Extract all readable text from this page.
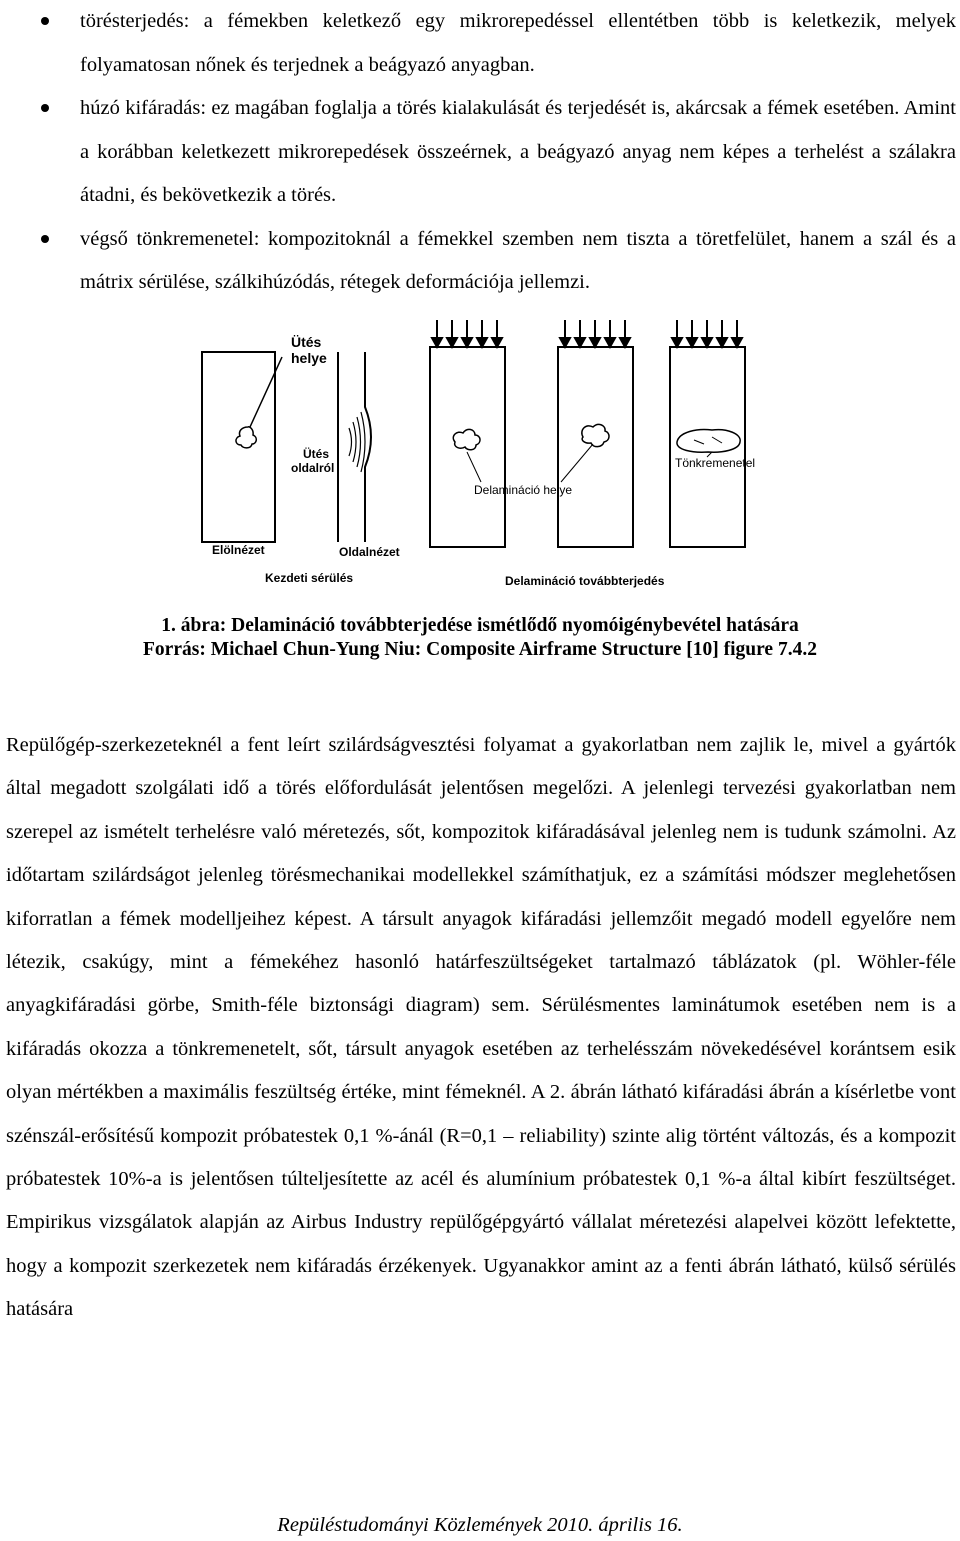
törésterjedés: a fémekben keletkező egy mikrorepedéssel ellentétben több is keletkezik, melyek folyamatosan nőnek és terjednek a beágyazó anyagban.
húzó kifáradás: ez magában foglalja a törés kialakulását és terjedését is, akárcsak a fémek esetében. Amint a korábban keletkezett mikrorepedések összeérnek, a beágyazó anyag nem képes a terhelést a szálakra átadni, és bekövetkezik a törés.
végső tönkremenetel: kompozitoknál a fémekkel szemben nem tiszta a töretfelület, hanem a szál és a mátrix sérülése, szálkihúzódás, rétegek deformációja jellemzi.
Ütés
helye
Ütés
oldalról
Elölnézet	Oldalnézet
Kezdeti sérülés	Delamináció továbbterjedés
Delamináció helye
Tönkremenetel
1. ábra: Delamináció továbbterjedése ismétlődő nyomóigénybevétel hatására
Forrás: Michael Chun-Yung Niu: Composite Airframe Structure [10] figure 7.4.2

Repülőgép-szerkezeteknél a fent leírt szilárdságvesztési folyamat a gyakorlatban nem zajlik le, mivel a gyártók által megadott szolgálati idő a törés előfordulását jelentősen megelőzi. A jelenlegi tervezési gyakorlatban nem szerepel az ismételt terhelésre való méretezés, sőt, kompozitok kifáradásával jelenleg nem is tudunk számolni. Az időtartam szilárdságot jelenleg törésmechanikai modellekkel számíthatjuk, ez a számítási módszer meglehetősen kiforratlan a fémek modelljeihez képest. A társult anyagok kifáradási jellemzőit megadó modell egyelőre nem létezik, csakúgy, mint a fémekéhez hasonló határfeszültségeket tartalmazó táblázatok (pl. Wöhler-féle anyagkifáradási görbe, Smith-féle biztonsági diagram) sem. Sérülésmentes laminátumok esetében nem is a kifáradás okozza a tönkremenetelt, sőt, társult anyagok esetében az terhelésszám növekedésével korántsem esik olyan mértékben a maximális feszültség értéke, mint fémeknél. A 2. ábrán látható kifáradási ábrán a kísérletbe vont szénszál-erősítésű kompozit próbatestek 0,1 %-ánál (R=0,1 – reliability) szinte alig történt változás, és a kompozit próbatestek 10%-a is jelentősen túlteljesítette az acél és alumínium próbatestek 0,1 %-a által kibírt feszültséget. Empirikus vizsgálatok alapján az Airbus Industry repülőgépgyártó vállalat méretezési alapelvei között lefektette, hogy a kompozit szerkezetek nem kifáradás érzékenyek. Ugyanakkor amint az a fenti ábrán látható, külső sérülés hatására

Repüléstudományi Közlemények 2010. április 16.
